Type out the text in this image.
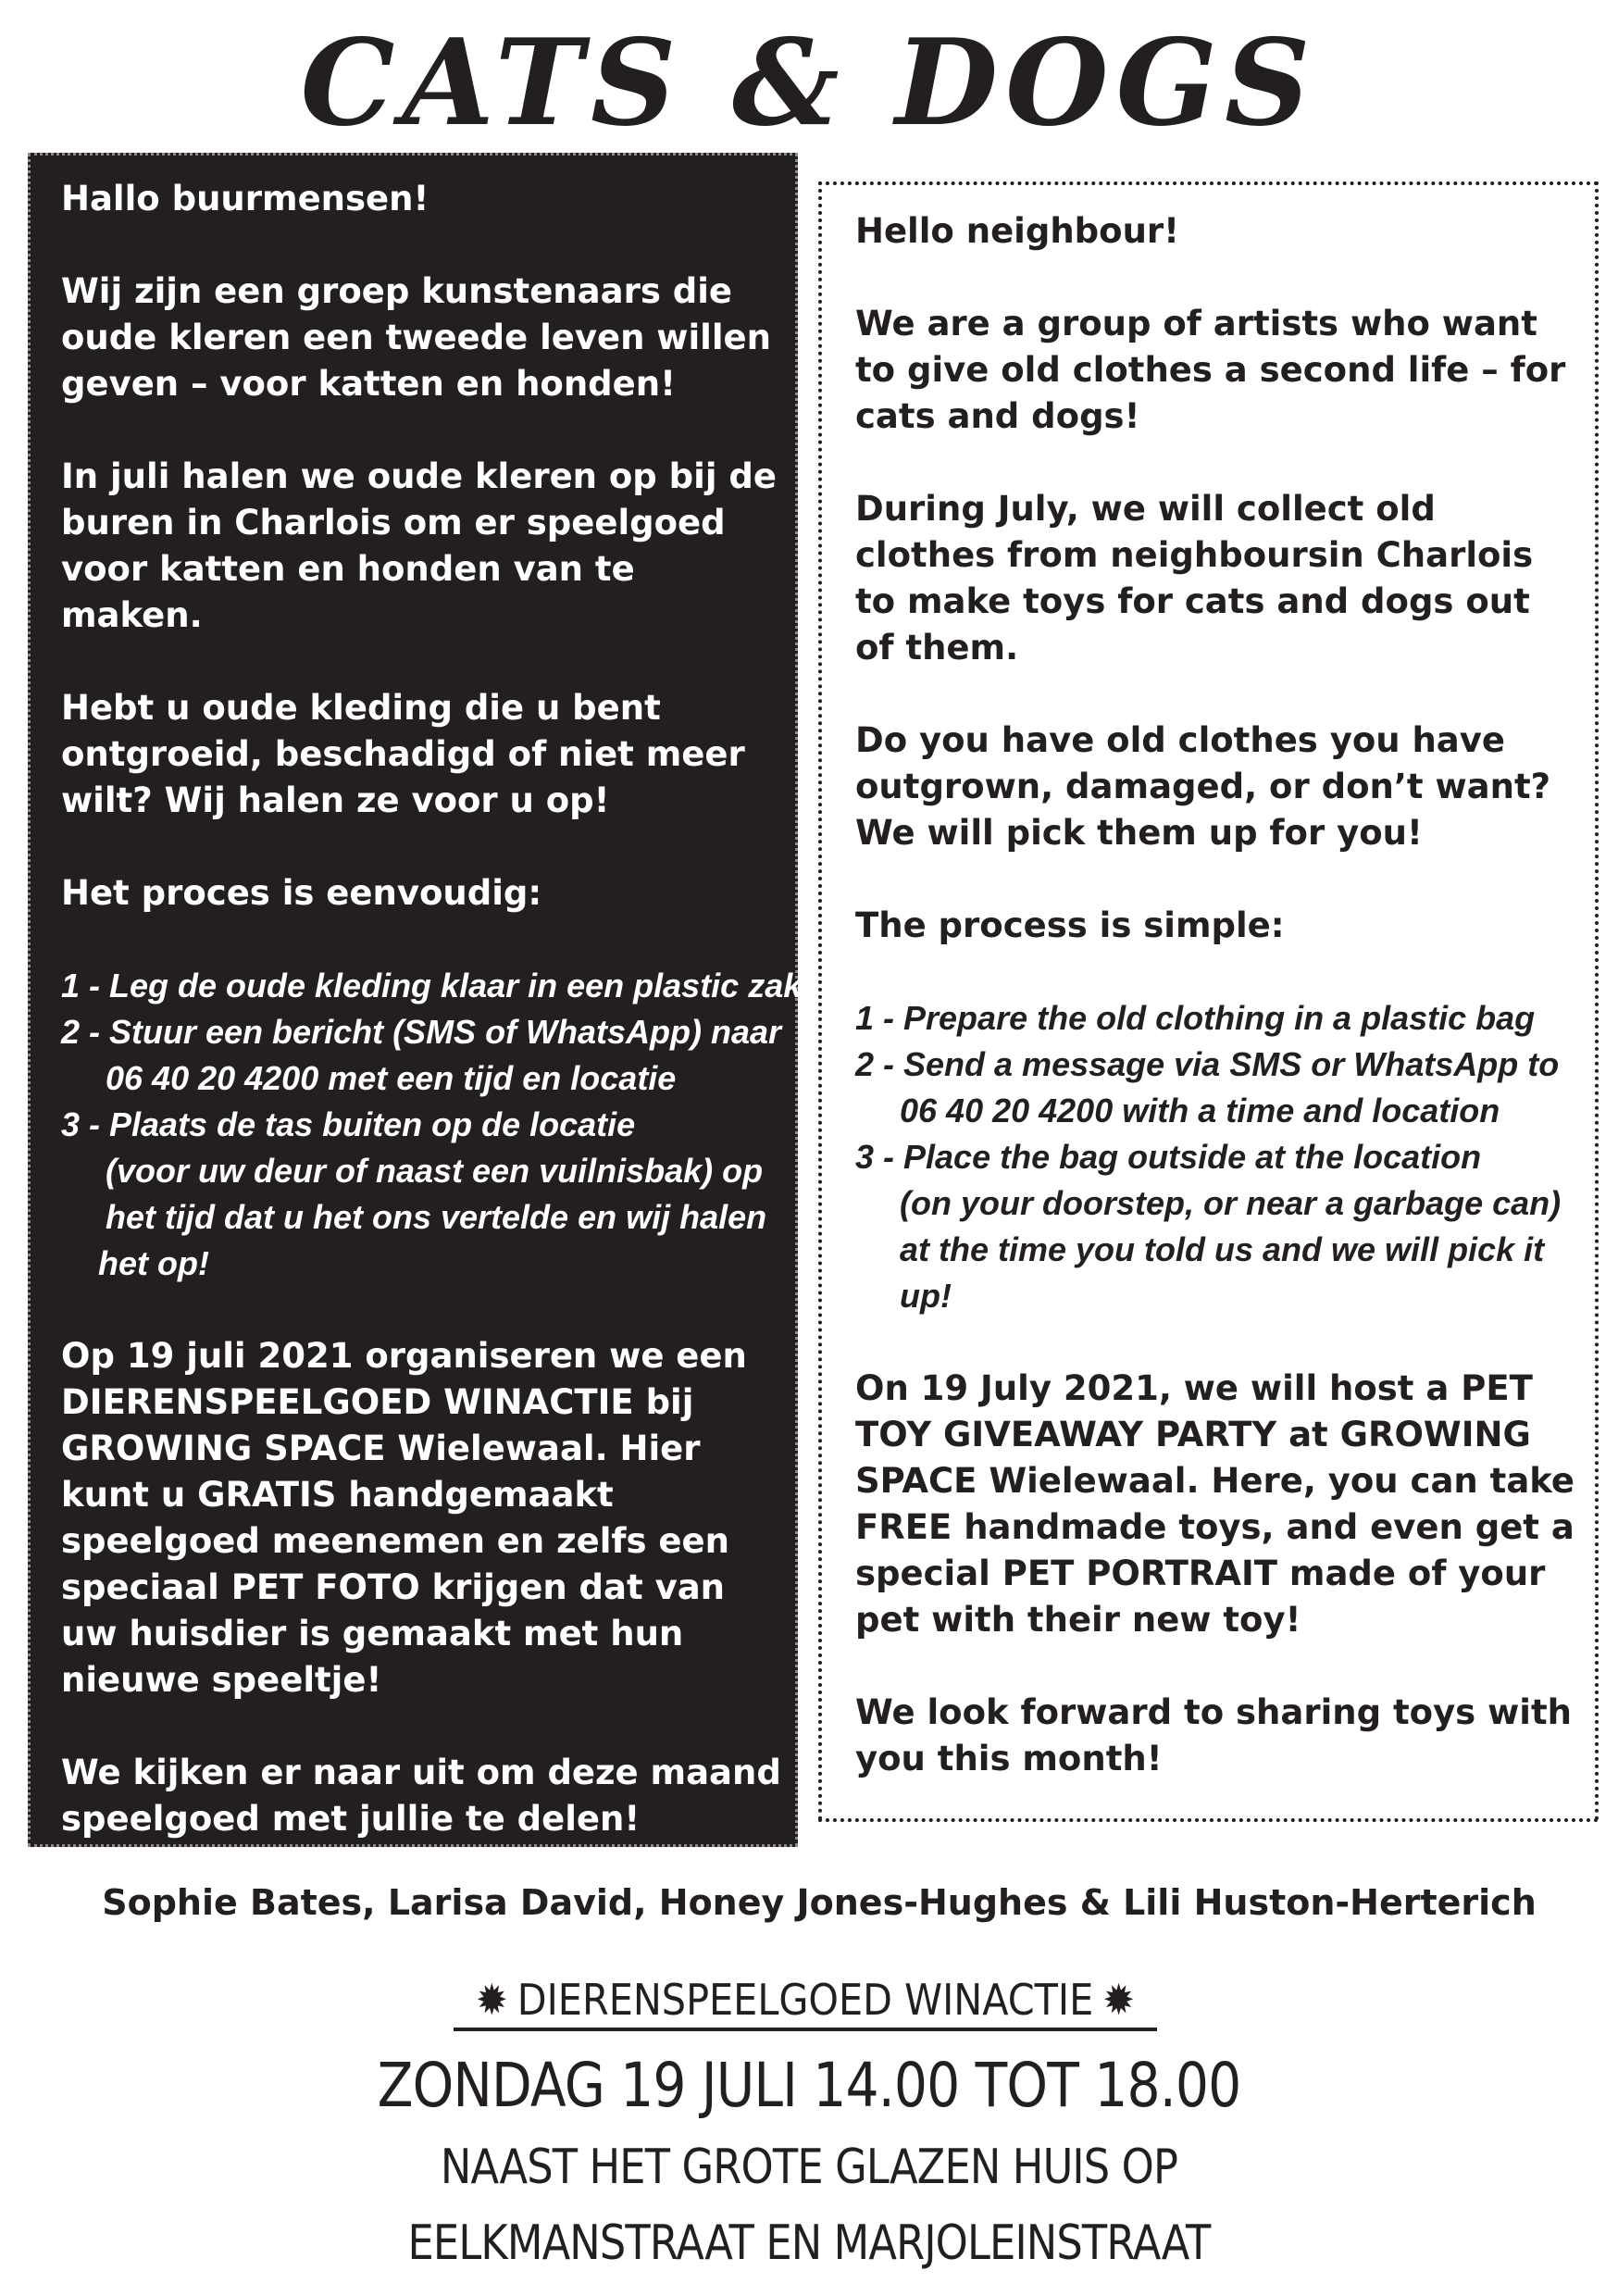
CATS & DOGS

Hallo buurmensen!

Wij zijn een groep kunstenaars die oude kleren een tweede leven willen geven – voor katten en honden!

In juli halen we oude kleren op bij de buren in Charlois om er speelgoed voor katten en honden van te maken.

Hebt u oude kleding die u bent ontgroeid, beschadigd of niet meer wilt? Wij halen ze voor u op!

Het proces is eenvoudig:

1 - Leg de oude kleding klaar in een plastic zak
2 - Stuur een bericht (SMS of WhatsApp) naar
06 40 20 4200 met een tijd en locatie
3 - Plaats de tas buiten op de locatie
(voor uw deur of naast een vuilnisbak) op
het tijd dat u het ons vertelde en wij halen
het op!

Op 19 juli 2021 organiseren we een DIERENSPEELGOED WINACTIE bij GROWING SPACE Wielewaal. Hier kunt u GRATIS handgemaakt speelgoed meenemen en zelfs een speciaal PET FOTO krijgen dat van uw huisdier is gemaakt met hun nieuwe speeltje!

We kijken er naar uit om deze maand speelgoed met jullie te delen!

Hello neighbour!

We are a group of artists who want to give old clothes a second life – for cats and dogs!

During July, we will collect old clothes from neighboursin Charlois to make toys for cats and dogs out of them.

Do you have old clothes you have outgrown, damaged, or don’t want? We will pick them up for you!

The process is simple:

1 - Prepare the old clothing in a plastic bag
2 - Send a message via SMS or WhatsApp to
06 40 20 4200 with a time and location
3 - Place the bag outside at the location
(on your doorstep, or near a garbage can)
at the time you told us and we will pick it
up!

On 19 July 2021, we will host a PET TOY GIVEAWAY PARTY at GROWING SPACE Wielewaal. Here, you can take FREE handmade toys, and even get a special PET PORTRAIT made of your pet with their new toy!

We look forward to sharing toys with you this month!

Sophie Bates, Larisa David, Honey Jones-Hughes & Lili Huston-Herterich
✹ DIERENSPEELGOED WINACTIE ✹
ZONDAG 19 JULI 14.00 TOT 18.00
NAAST HET GROTE GLAZEN HUIS OP
EELKMANSTRAAT EN MARJOLEINSTRAAT
